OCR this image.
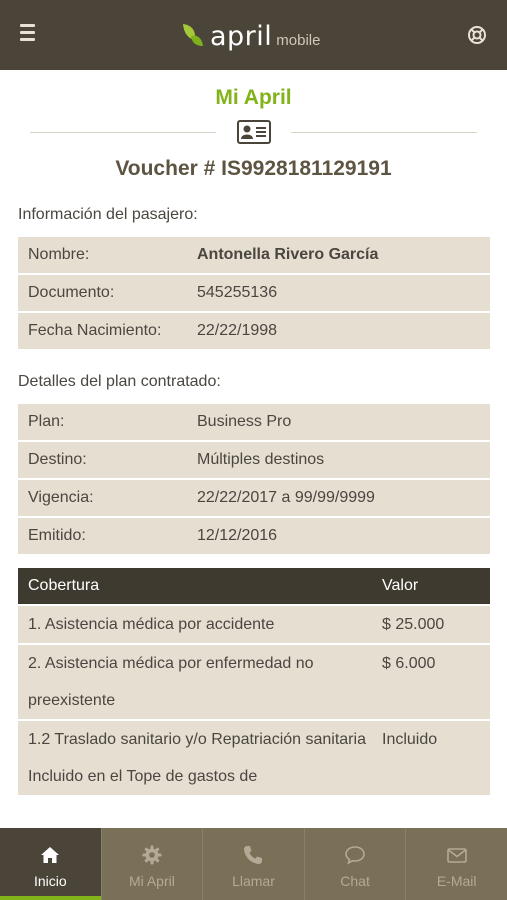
april mobile
Mi April
Voucher # IS9928181129191
Información del pasajero:
Nombre:	Antonella Rivero García
Documento:	545255136
Fecha Nacimiento:	22/22/1998
Detalles del plan contratado:
Plan:	Business Pro
Destino:	Múltiples destinos
Vigencia:	22/22/2017 a 99/99/9999
Emitido:	12/12/2016
Cobertura	Valor
1. Asistencia médica por accidente	$ 25.000
2. Asistencia médica por enfermedad no preexistente	$ 6.000
1.2 Traslado sanitario y/o Repatriación sanitaria Incluido en el Tope de gastos de	Incluido
Inicio	Mi April	Llamar	Chat	E-Mail
